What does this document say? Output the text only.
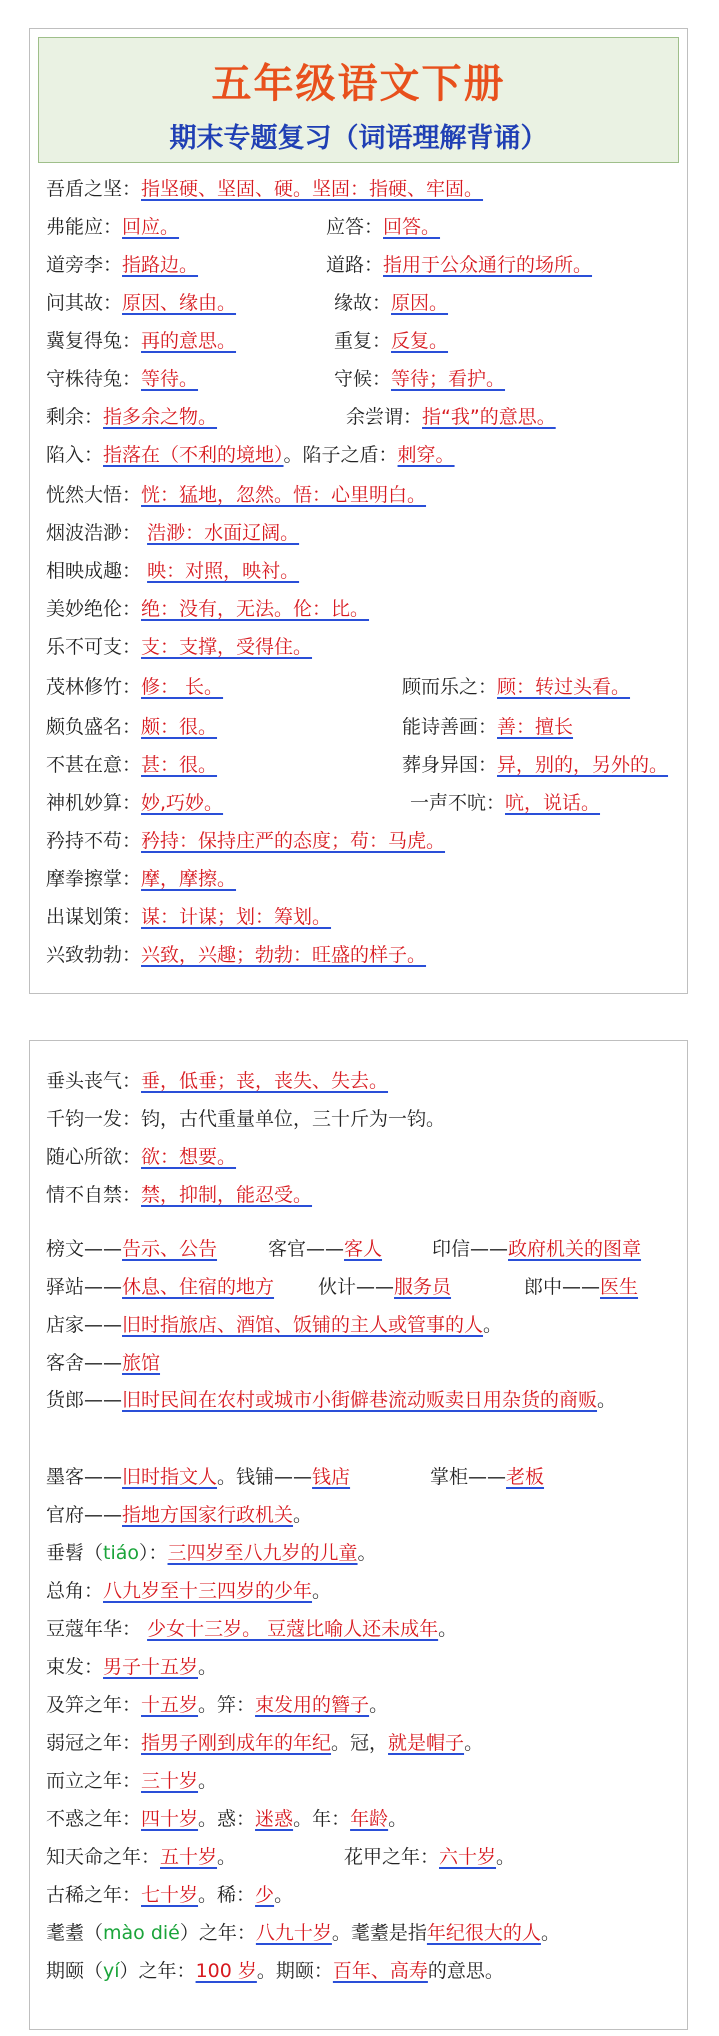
五年级语文下册
期末专题复习（词语理解背诵）
吾盾之坚：指坚硬、坚固、硬。坚固：指硬、牢固。
弗能应：回应。	应答：回答。
道旁李：指路边。	道路：指用于公众通行的场所。
问其故：原因、缘由。	缘故：原因。
冀复得兔：再的意思。	重复：反复。
守株待兔：等待。	守候：等待；看护。
剩余：指多余之物。	余尝谓：指“我”的意思。
陷入：指落在（不利的境地）。陷子之盾：刺穿。
恍然大悟：恍：猛地，忽然。悟：心里明白。
烟波浩渺： 浩渺：水面辽阔。
相映成趣： 映：对照，映衬。
美妙绝伦：绝：没有，无法。伦：比。
乐不可支：支：支撑，受得住。
茂林修竹：修： 长。	顾而乐之：顾：转过头看。
颇负盛名：颇：很。	能诗善画：善：擅长
不甚在意：甚：很。	葬身异国：异，别的，另外的。
神机妙算：妙,巧妙。	一声不吭：吭，说话。
矜持不苟：矜持：保持庄严的态度；苟：马虎。
摩拳擦掌：摩，摩擦。
出谋划策：谋：计谋；划：筹划。
兴致勃勃：兴致，兴趣；勃勃：旺盛的样子。
垂头丧气：垂，低垂；丧，丧失、失去。
千钧一发：钧，古代重量单位，三十斤为一钧。
随心所欲：欲：想要。
情不自禁：禁，抑制，能忍受。
榜文——告示、公告	客官——客人	印信——政府机关的图章
驿站——休息、住宿的地方 伙计——服务员	郎中——医生
店家——旧时指旅店、酒馆、饭铺的主人或管事的人。
客舍——旅馆
货郎——旧时民间在农村或城市小街僻巷流动贩卖日用杂货的商贩。
墨客——旧时指文人。钱铺——钱店	掌柜——老板
官府——指地方国家行政机关。
垂髫（tiáo）：三四岁至八九岁的儿童。
总角：八九岁至十三四岁的少年。
豆蔻年华： 少女十三岁。 豆蔻比喻人还未成年。
束发：男子十五岁。
及笄之年：十五岁。笄：束发用的簪子。
弱冠之年：指男子刚到成年的年纪。冠，就是帽子。
而立之年：三十岁。
不惑之年：四十岁。惑：迷惑。年：年龄。
知天命之年：五十岁。	花甲之年：六十岁。
古稀之年：七十岁。稀：少。
耄耋（mào dié）之年：八九十岁。耄耋是指年纪很大的人。
期颐（yí）之年：100 岁。期颐：百年、高寿的意思。
